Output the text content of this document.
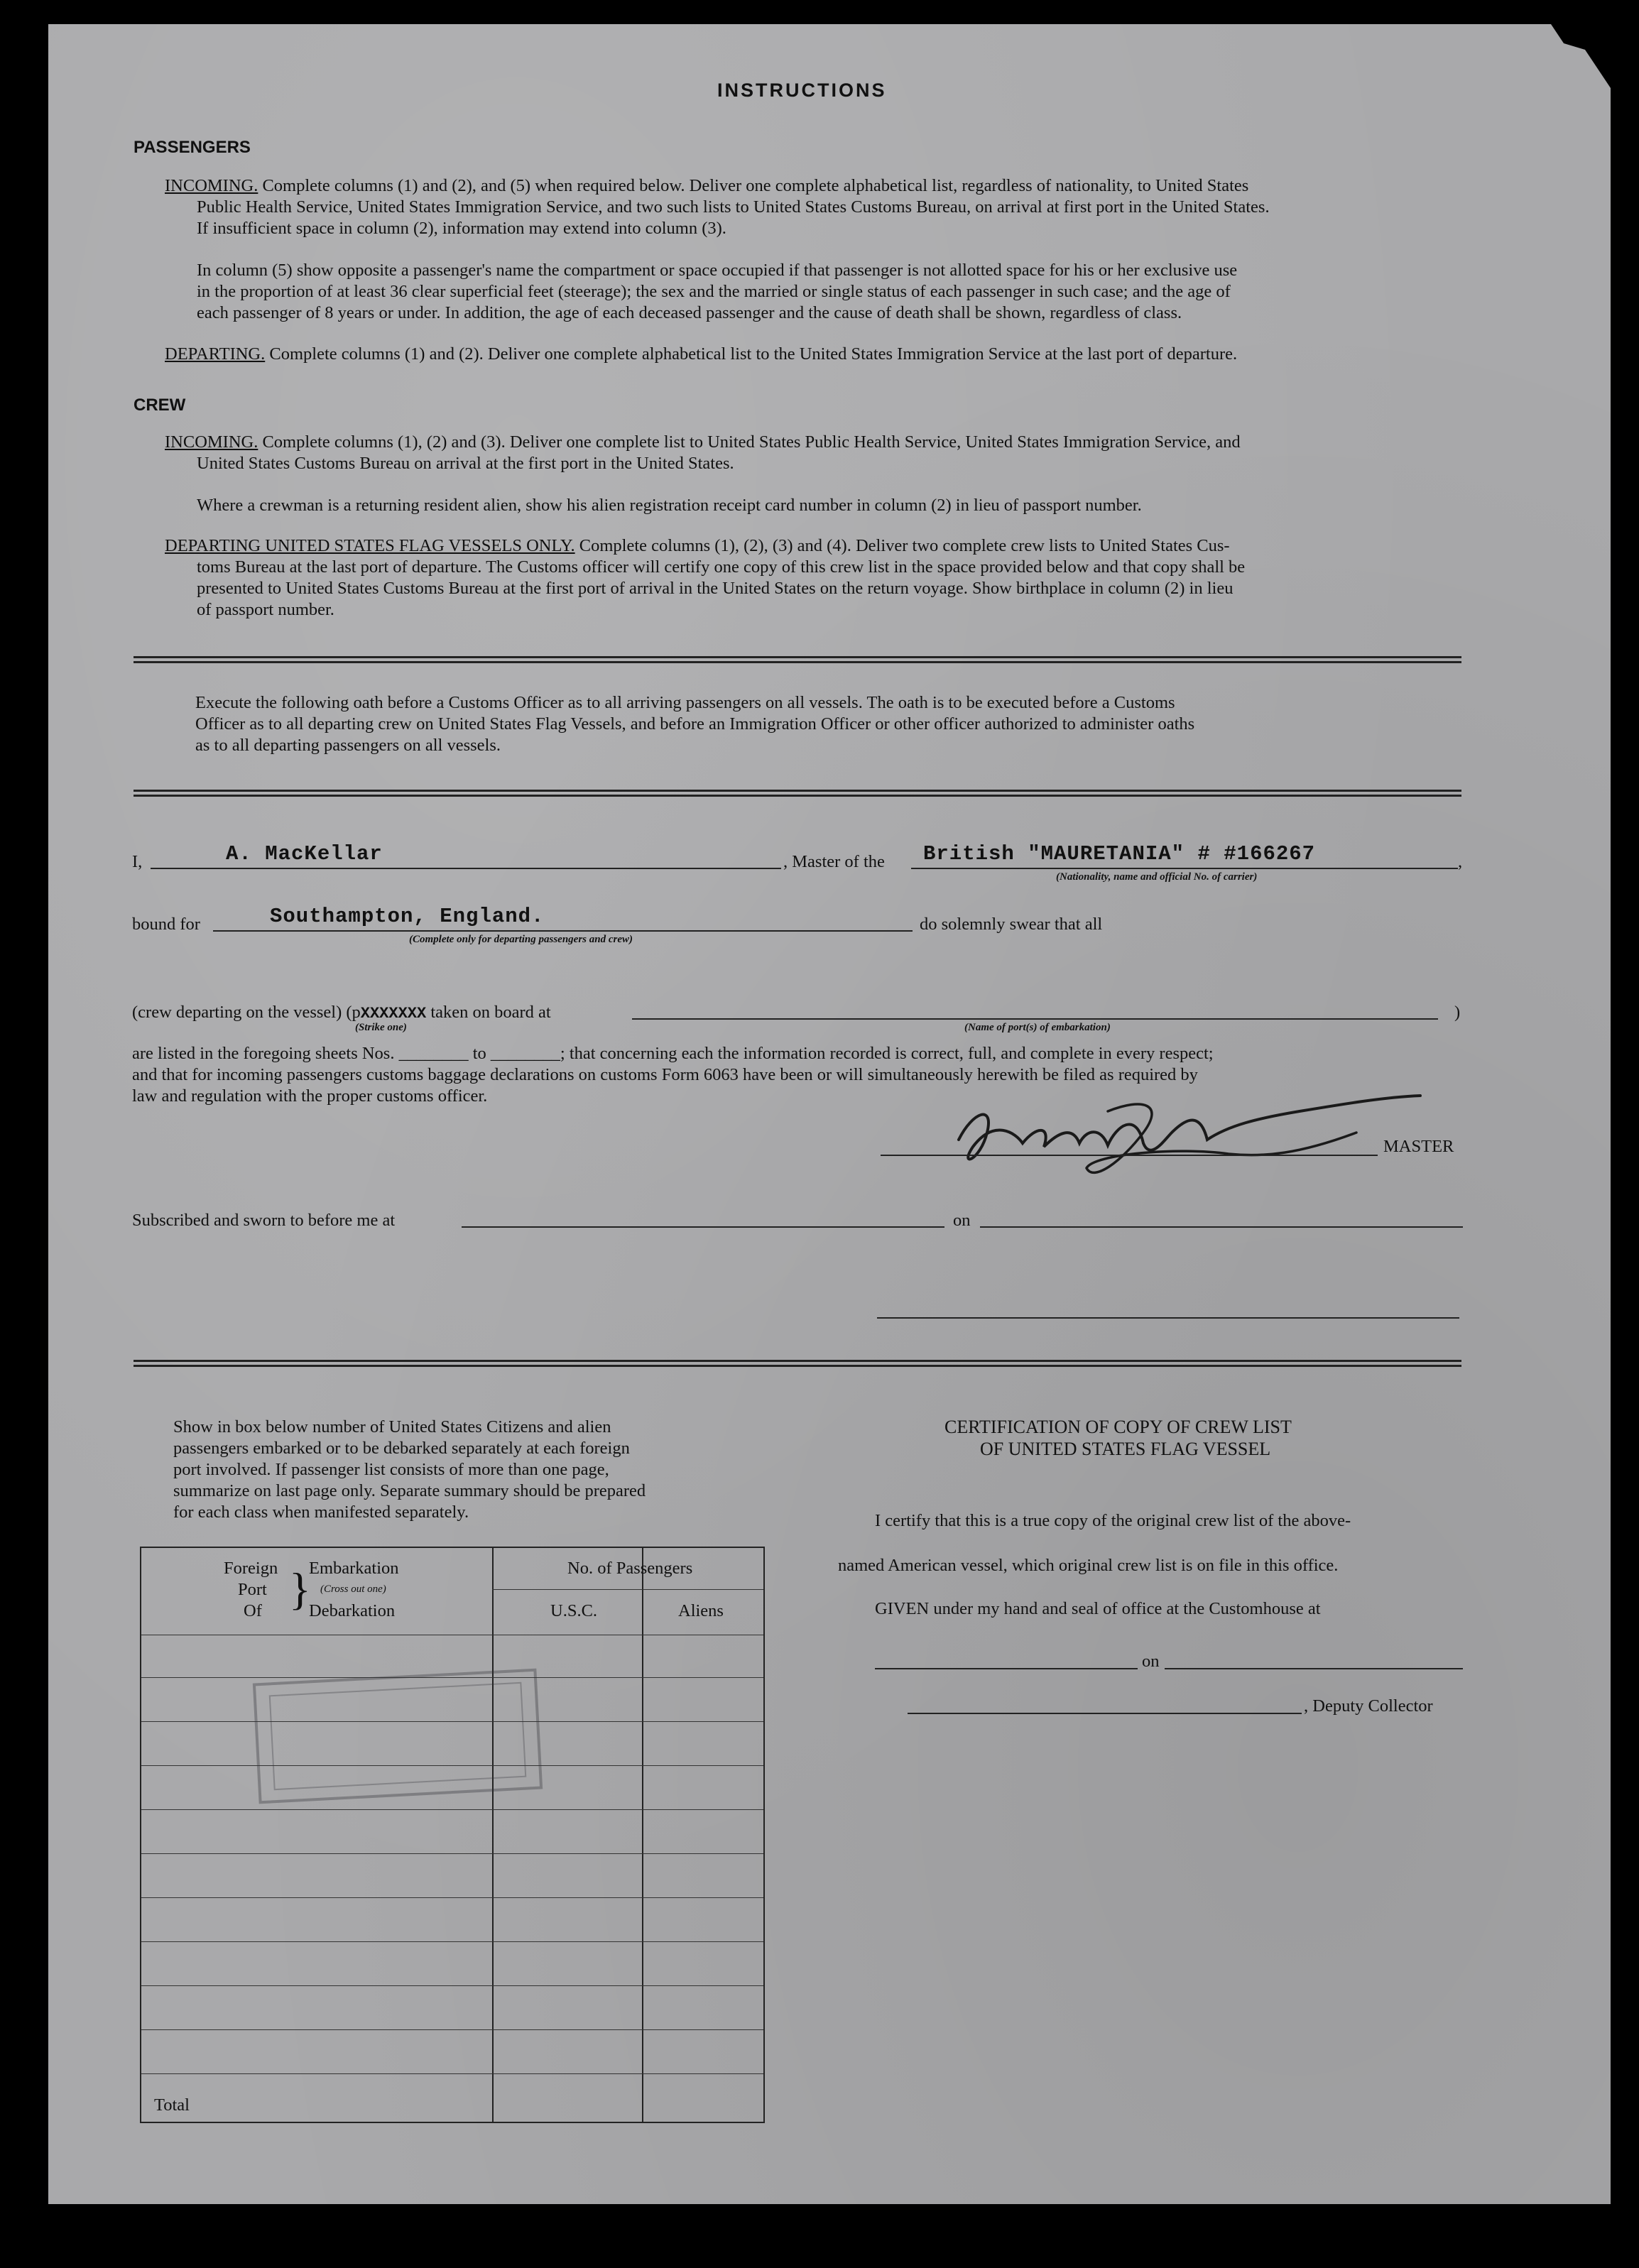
INSTRUCTIONS
PASSENGERS
INCOMING. Complete columns (1) and (2), and (5) when required below. Deliver one complete alphabetical list, regardless of nationality, to United States
Public Health Service, United States Immigration Service, and two such lists to United States Customs Bureau, on arrival at first port in the United States.
If insufficient space in column (2), information may extend into column (3).
In column (5) show opposite a passenger's name the compartment or space occupied if that passenger is not allotted space for his or her exclusive use
in the proportion of at least 36 clear superficial feet (steerage); the sex and the married or single status of each passenger in such case; and the age of
each passenger of 8 years or under. In addition, the age of each deceased passenger and the cause of death shall be shown, regardless of class.
DEPARTING. Complete columns (1) and (2). Deliver one complete alphabetical list to the United States Immigration Service at the last port of departure.
CREW
INCOMING. Complete columns (1), (2) and (3). Deliver one complete list to United States Public Health Service, United States Immigration Service, and
United States Customs Bureau on arrival at the first port in the United States.
Where a crewman is a returning resident alien, show his alien registration receipt card number in column (2) in lieu of passport number.
DEPARTING UNITED STATES FLAG VESSELS ONLY. Complete columns (1), (2), (3) and (4). Deliver two complete crew lists to United States Cus-
toms Bureau at the last port of departure. The Customs officer will certify one copy of this crew list in the space provided below and that copy shall be
presented to United States Customs Bureau at the first port of arrival in the United States on the return voyage. Show birthplace in column (2) in lieu
of passport number.
Execute the following oath before a Customs Officer as to all arriving passengers on all vessels. The oath is to be executed before a Customs
Officer as to all departing crew on United States Flag Vessels, and before an Immigration Officer or other officer authorized to administer oaths
as to all departing passengers on all vessels.
I,	A. MacKellar	, Master of the British "MAURETANIA" # #166267
(Nationality, name and official No. of carrier)
,
bound for	Southampton, England.
(Complete only for departing passengers and crew)
do solemnly swear that all
(crew departing on the vessel) (pXXXXXXX taken on board at	)
(Strike one)	(Name of port(s) of embarkation)
are listed in the foregoing sheets Nos. ________ to ________; that concerning each the information recorded is correct, full, and complete in every respect;
and that for incoming passengers customs baggage declarations on customs Form 6063 have been or will simultaneously herewith be filed as required by
law and regulation with the proper customs officer.
MASTER
Subscribed and sworn to before me at	on
Show in box below number of United States Citizens and alien
passengers embarked or to be debarked separately at each foreign
port involved. If passenger list consists of more than one page,
summarize on last page only. Separate summary should be prepared
for each class when manifested separately.
Foreign
Port
Of }
Embarkation
(Cross out one)
Debarkation
No. of Passengers
U.S.C.	Aliens
Total
CERTIFICATION OF COPY OF CREW LIST
OF UNITED STATES FLAG VESSEL
I certify that this is a true copy of the original crew list of the above-
named American vessel, which original crew list is on file in this office.
GIVEN under my hand and seal of office at the Customhouse at
on
, Deputy Collector
